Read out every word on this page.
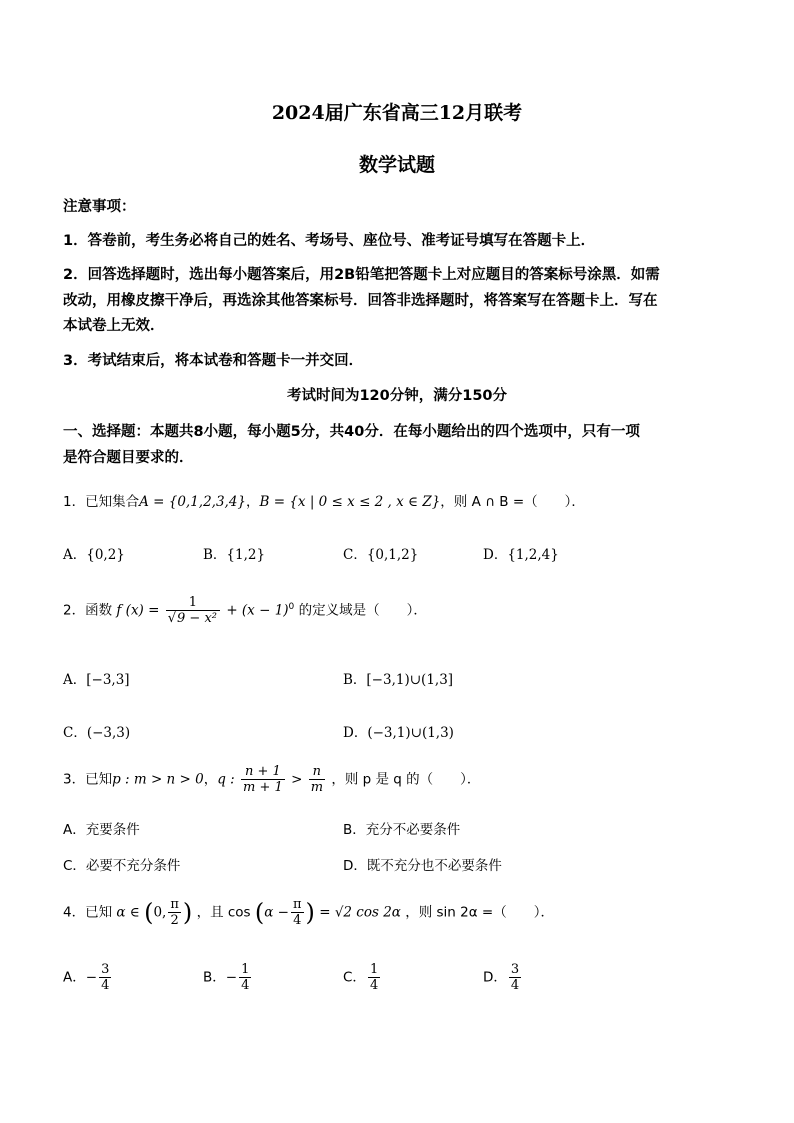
2024届广东省高三12月联考
数学试题
注意事项：
1．答卷前，考生务必将自己的姓名、考场号、座位号、准考证号填写在答题卡上．
2．回答选择题时，选出每小题答案后，用2B铅笔把答题卡上对应题目的答案标号涂黑．如需
改动，用橡皮擦干净后，再选涂其他答案标号．回答非选择题时，将答案写在答题卡上．写在
本试卷上无效．
3．考试结束后，将本试卷和答题卡一并交回．
考试时间为120分钟，满分150分
一、选择题：本题共8小题，每小题5分，共40分．在每小题给出的四个选项中，只有一项
是符合题目要求的．
1．已知集合A = {0,1,2,3,4}，B = {x | 0 ≤ x ≤ 2 , x ∈ Z}，则 A ∩ B =（　　）．
A．{0,2}	B．{1,2}	C．{0,1,2}	D．{1,2,4}
2．函数 f $(x) = \frac{1}{\text{√9 − x²}} + (x - 1)^0$ 的定义域是（　　）．
A．[−3,3]	B．[−3,1)∪(1,3]
C．(−3,3)	D．(−3,1)∪(1,3)
3．已知p : m > n > 0，q : $\frac{n + 1}{m + 1} > \frac{n}{m}$ ，则 p 是 q 的（　　）．
A．充要条件	B．充分不必要条件
C．必要不充分条件	D．既不充分也不必要条件
4．已知 α ∈ (0, $\frac{\pi}{2}$ ) ，且 $\cos (\alpha - \frac{\pi}{4}$ ) = √2 cos 2α ，则 sin 2α =（　　）．
A．− $\frac{3}{4}$	B．− $\frac{1}{4}$	C． $\frac{1}{4}$	D． $\frac{3}{4}$
